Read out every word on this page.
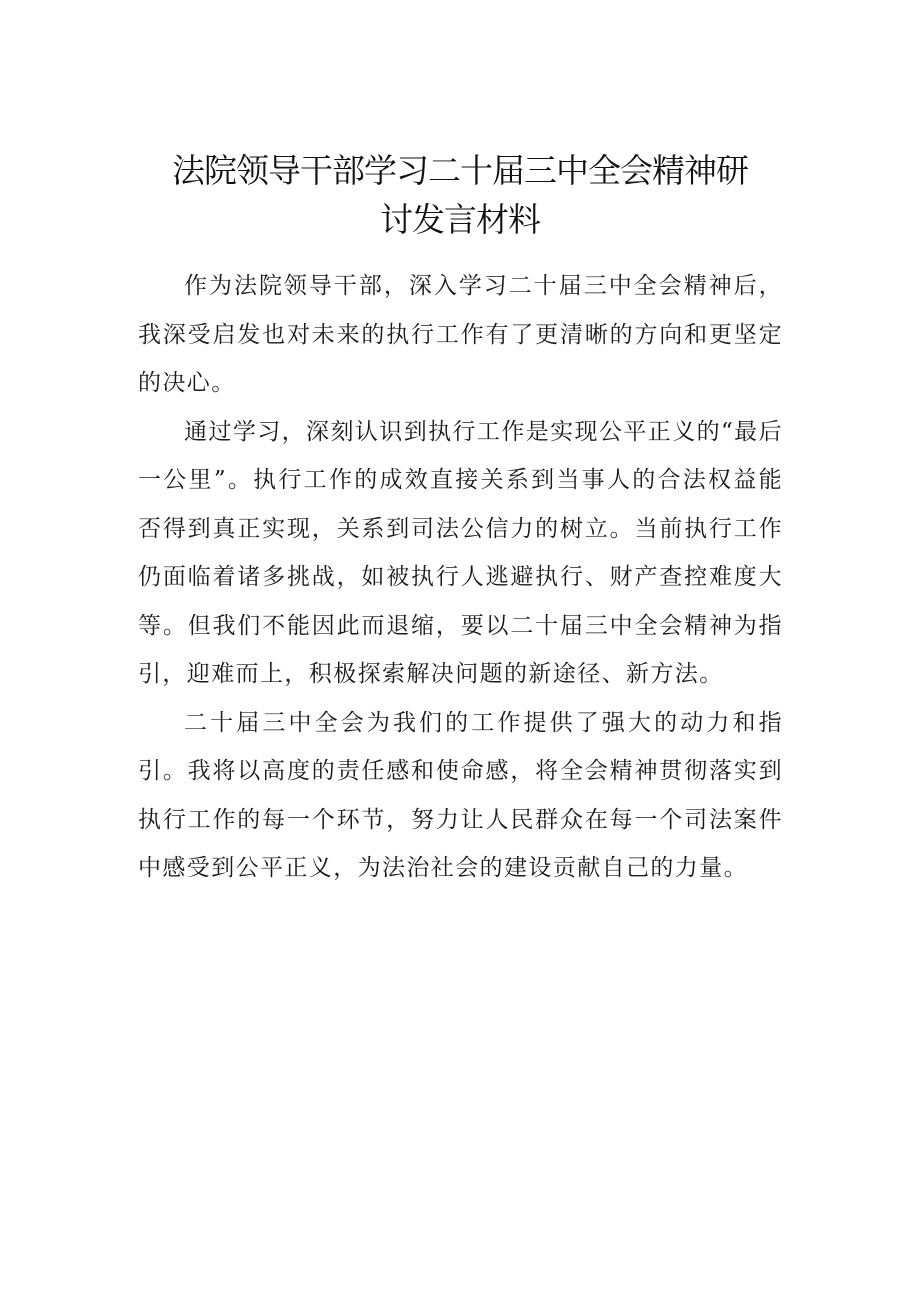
法院领导干部学习二十届三中全会精神研
讨发言材料

作为法院领导干部，深入学习二十届三中全会精神后，我深受启发也对未来的执行工作有了更清晰的方向和更坚定的决心。

通过学习，深刻认识到执行工作是实现公平正义的“最后一公里”。执行工作的成效直接关系到当事人的合法权益能否得到真正实现，关系到司法公信力的树立。当前执行工作仍面临着诸多挑战，如被执行人逃避执行、财产查控难度大等。但我们不能因此而退缩，要以二十届三中全会精神为指引，迎难而上，积极探索解决问题的新途径、新方法。

二十届三中全会为我们的工作提供了强大的动力和指引。我将以高度的责任感和使命感，将全会精神贯彻落实到执行工作的每一个环节，努力让人民群众在每一个司法案件中感受到公平正义，为法治社会的建设贡献自己的力量。
